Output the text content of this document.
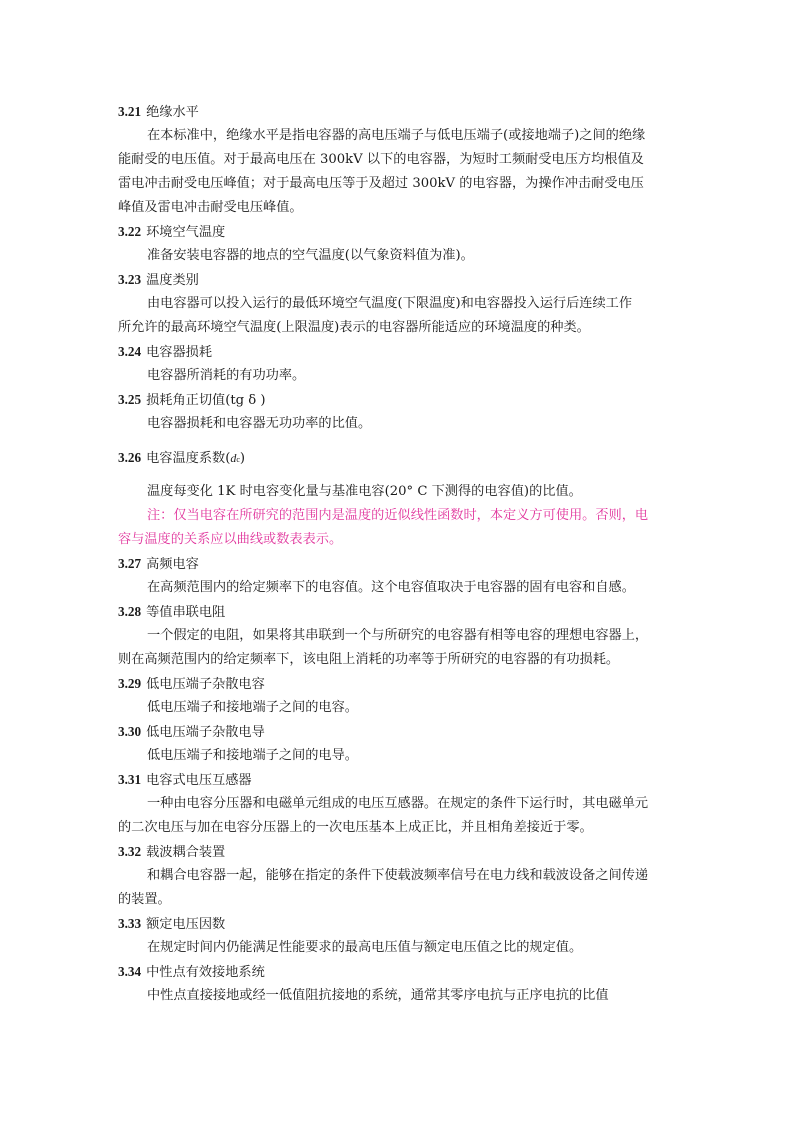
3.21 绝缘水平
在本标准中，绝缘水平是指电容器的高电压端子与低电压端子(或接地端子)之间的绝缘
能耐受的电压值。对于最高电压在 300kV 以下的电容器，为短时工频耐受电压方均根值及
雷电冲击耐受电压峰值；对于最高电压等于及超过 300kV 的电容器，为操作冲击耐受电压
峰值及雷电冲击耐受电压峰值。
3.22 环境空气温度
准备安装电容器的地点的空气温度(以气象资料值为准)。
3.23 温度类别
由电容器可以投入运行的最低环境空气温度(下限温度)和电容器投入运行后连续工作
所允许的最高环境空气温度(上限温度)表示的电容器所能适应的环境温度的种类。
3.24 电容器损耗
电容器所消耗的有功功率。
3.25 损耗角正切值(tg δ )
电容器损耗和电容器无功功率的比值。
3.26 电容温度系数(dc)
温度每变化 1K 时电容变化量与基准电容(20° C 下测得的电容值)的比值。
注：仅当电容在所研究的范围内是温度的近似线性函数时，本定义方可使用。否则，电
容与温度的关系应以曲线或数表表示。
3.27 高频电容
在高频范围内的给定频率下的电容值。这个电容值取决于电容器的固有电容和自感。
3.28 等值串联电阻
一个假定的电阻，如果将其串联到一个与所研究的电容器有相等电容的理想电容器上，
则在高频范围内的给定频率下，该电阻上消耗的功率等于所研究的电容器的有功损耗。
3.29 低电压端子杂散电容
低电压端子和接地端子之间的电容。
3.30 低电压端子杂散电导
低电压端子和接地端子之间的电导。
3.31 电容式电压互感器
一种由电容分压器和电磁单元组成的电压互感器。在规定的条件下运行时，其电磁单元
的二次电压与加在电容分压器上的一次电压基本上成正比，并且相角差接近于零。
3.32 载波耦合装置
和耦合电容器一起，能够在指定的条件下使载波频率信号在电力线和载波设备之间传递
的装置。
3.33 额定电压因数
在规定时间内仍能满足性能要求的最高电压值与额定电压值之比的规定值。
3.34 中性点有效接地系统
中性点直接接地或经一低值阻抗接地的系统，通常其零序电抗与正序电抗的比值
